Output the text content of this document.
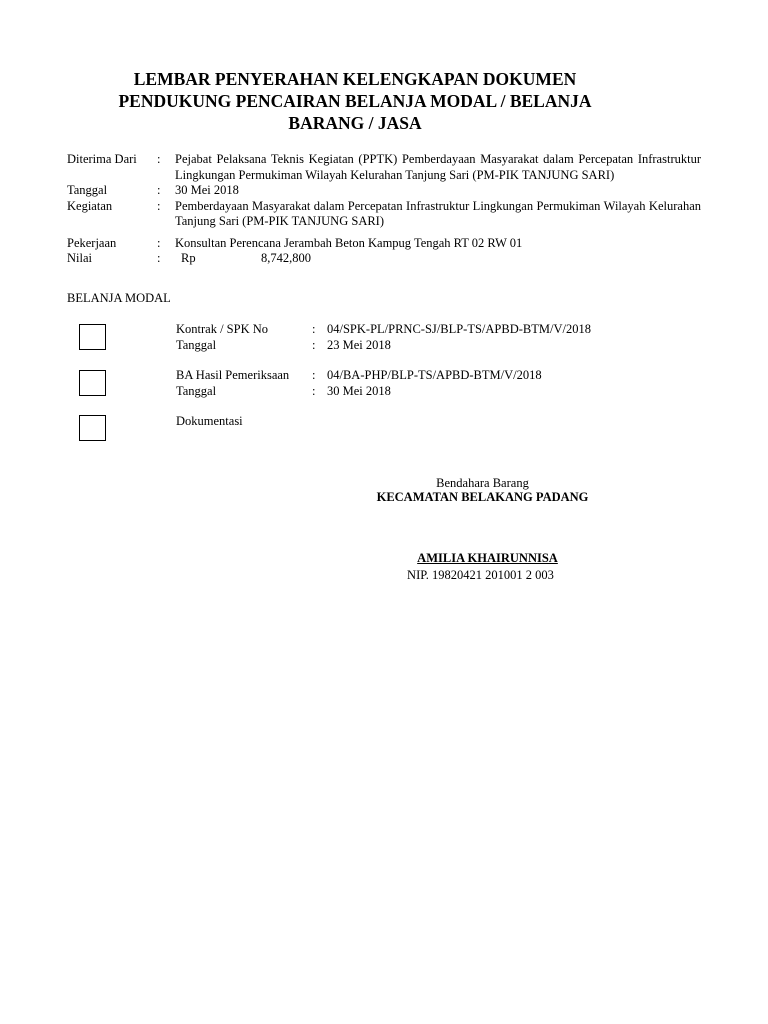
LEMBAR PENYERAHAN KELENGKAPAN DOKUMEN
PENDUKUNG PENCAIRAN BELANJA MODAL / BELANJA
BARANG / JASA
Diterima Dari	:	Pejabat Pelaksana Teknis Kegiatan (PPTK) Pemberdayaan Masyarakat dalam Percepatan Infrastruktur Lingkungan Permukiman Wilayah Kelurahan Tanjung Sari (PM-PIK TANJUNG SARI)
Tanggal	:	30 Mei 2018
Kegiatan	:	Pemberdayaan Masyarakat dalam Percepatan Infrastruktur Lingkungan Permukiman Wilayah Kelurahan Tanjung Sari (PM-PIK TANJUNG SARI)
Pekerjaan	:	Konsultan Perencana Jerambah Beton Kampug Tengah RT 02 RW 01
Nilai	:	Rp	8,742,800
BELANJA MODAL
Kontrak / SPK No	: 04/SPK-PL/PRNC-SJ/BLP-TS/APBD-BTM/V/2018
Tanggal	: 23 Mei 2018
BA Hasil Pemeriksaan : 04/BA-PHP/BLP-TS/APBD-BTM/V/2018
Tanggal	: 30 Mei 2018
Dokumentasi
Bendahara Barang
KECAMATAN BELAKANG PADANG
AMILIA KHAIRUNNISA
NIP. 19820421 201001 2 003
